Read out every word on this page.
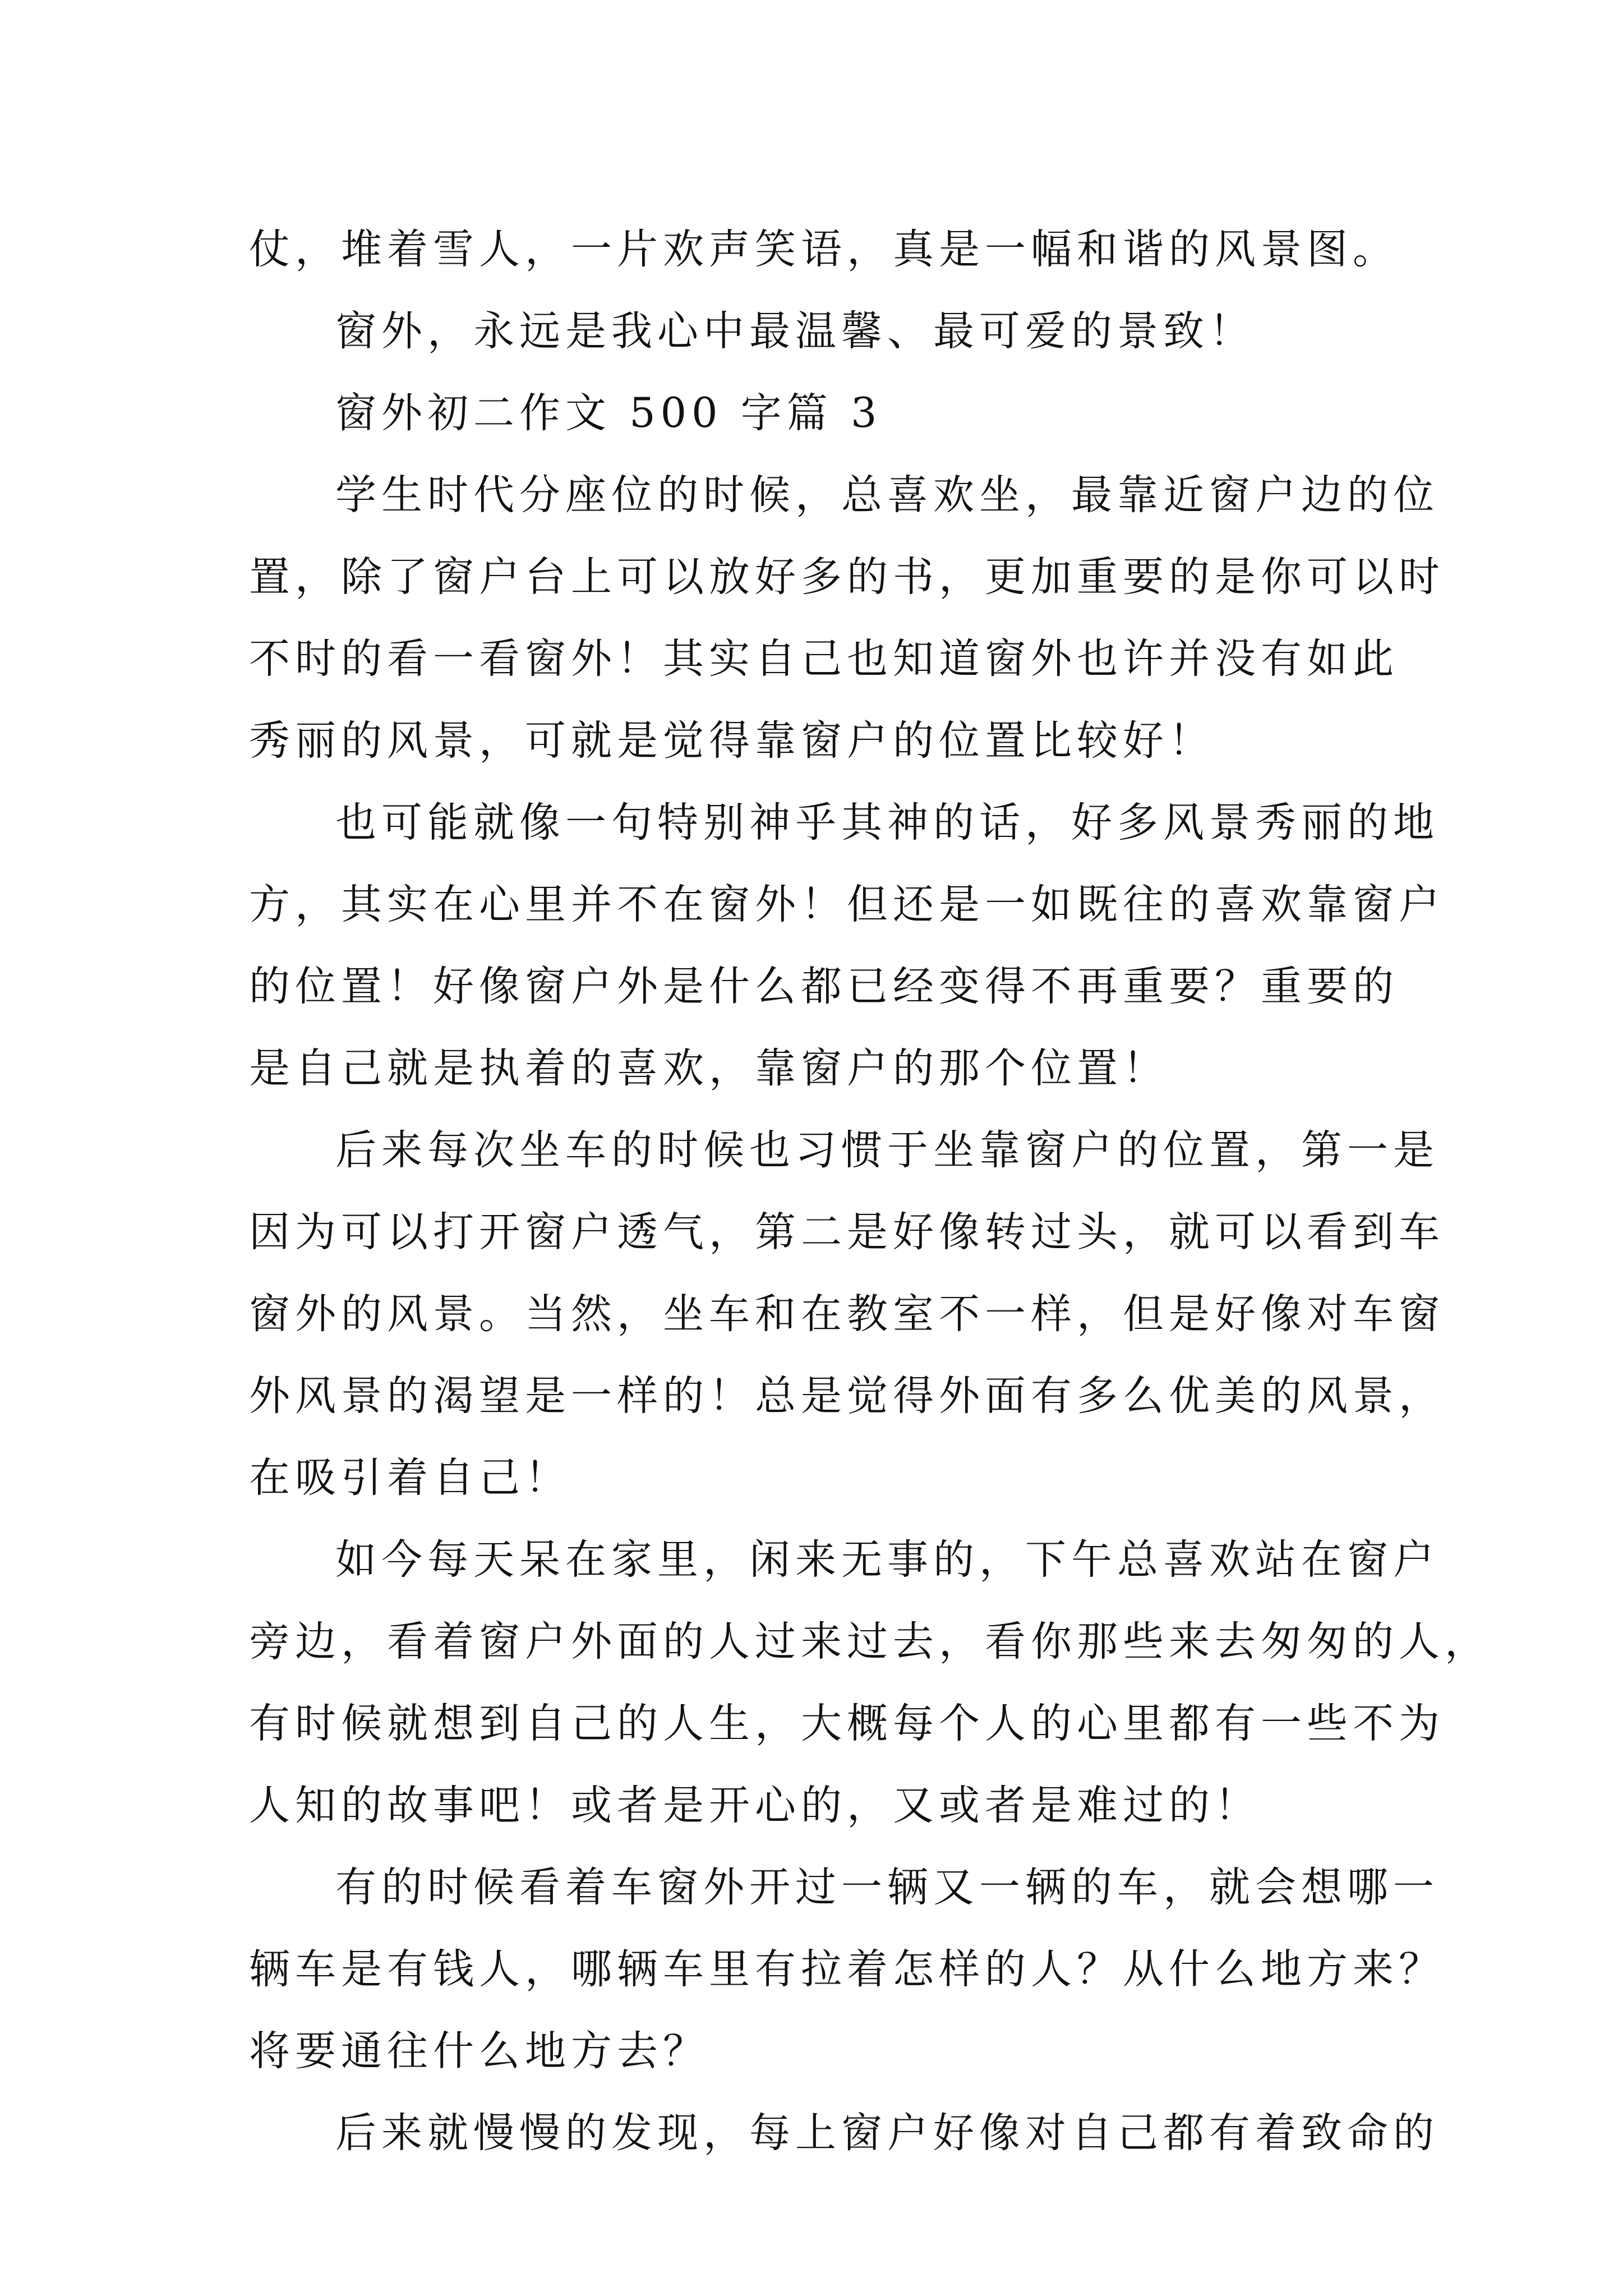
仗，堆着雪人，一片欢声笑语，真是一幅和谐的风景图。
窗外，永远是我心中最温馨、最可爱的景致！
窗外初二作文 500 字篇 3
学生时代分座位的时候，总喜欢坐，最靠近窗户边的位
置，除了窗户台上可以放好多的书，更加重要的是你可以时
不时的看一看窗外！其实自己也知道窗外也许并没有如此
秀丽的风景，可就是觉得靠窗户的位置比较好！
也可能就像一句特别神乎其神的话，好多风景秀丽的地
方，其实在心里并不在窗外！但还是一如既往的喜欢靠窗户
的位置！好像窗户外是什么都已经变得不再重要？重要的
是自己就是执着的喜欢，靠窗户的那个位置！
后来每次坐车的时候也习惯于坐靠窗户的位置，第一是
因为可以打开窗户透气，第二是好像转过头，就可以看到车
窗外的风景。当然，坐车和在教室不一样，但是好像对车窗
外风景的渴望是一样的！总是觉得外面有多么优美的风景，
在吸引着自己！
如今每天呆在家里，闲来无事的，下午总喜欢站在窗户
旁边，看着窗户外面的人过来过去，看你那些来去匆匆的人，
有时候就想到自己的人生，大概每个人的心里都有一些不为
人知的故事吧！或者是开心的，又或者是难过的！
有的时候看着车窗外开过一辆又一辆的车，就会想哪一
辆车是有钱人，哪辆车里有拉着怎样的人？从什么地方来？
将要通往什么地方去？
后来就慢慢的发现，每上窗户好像对自己都有着致命的
